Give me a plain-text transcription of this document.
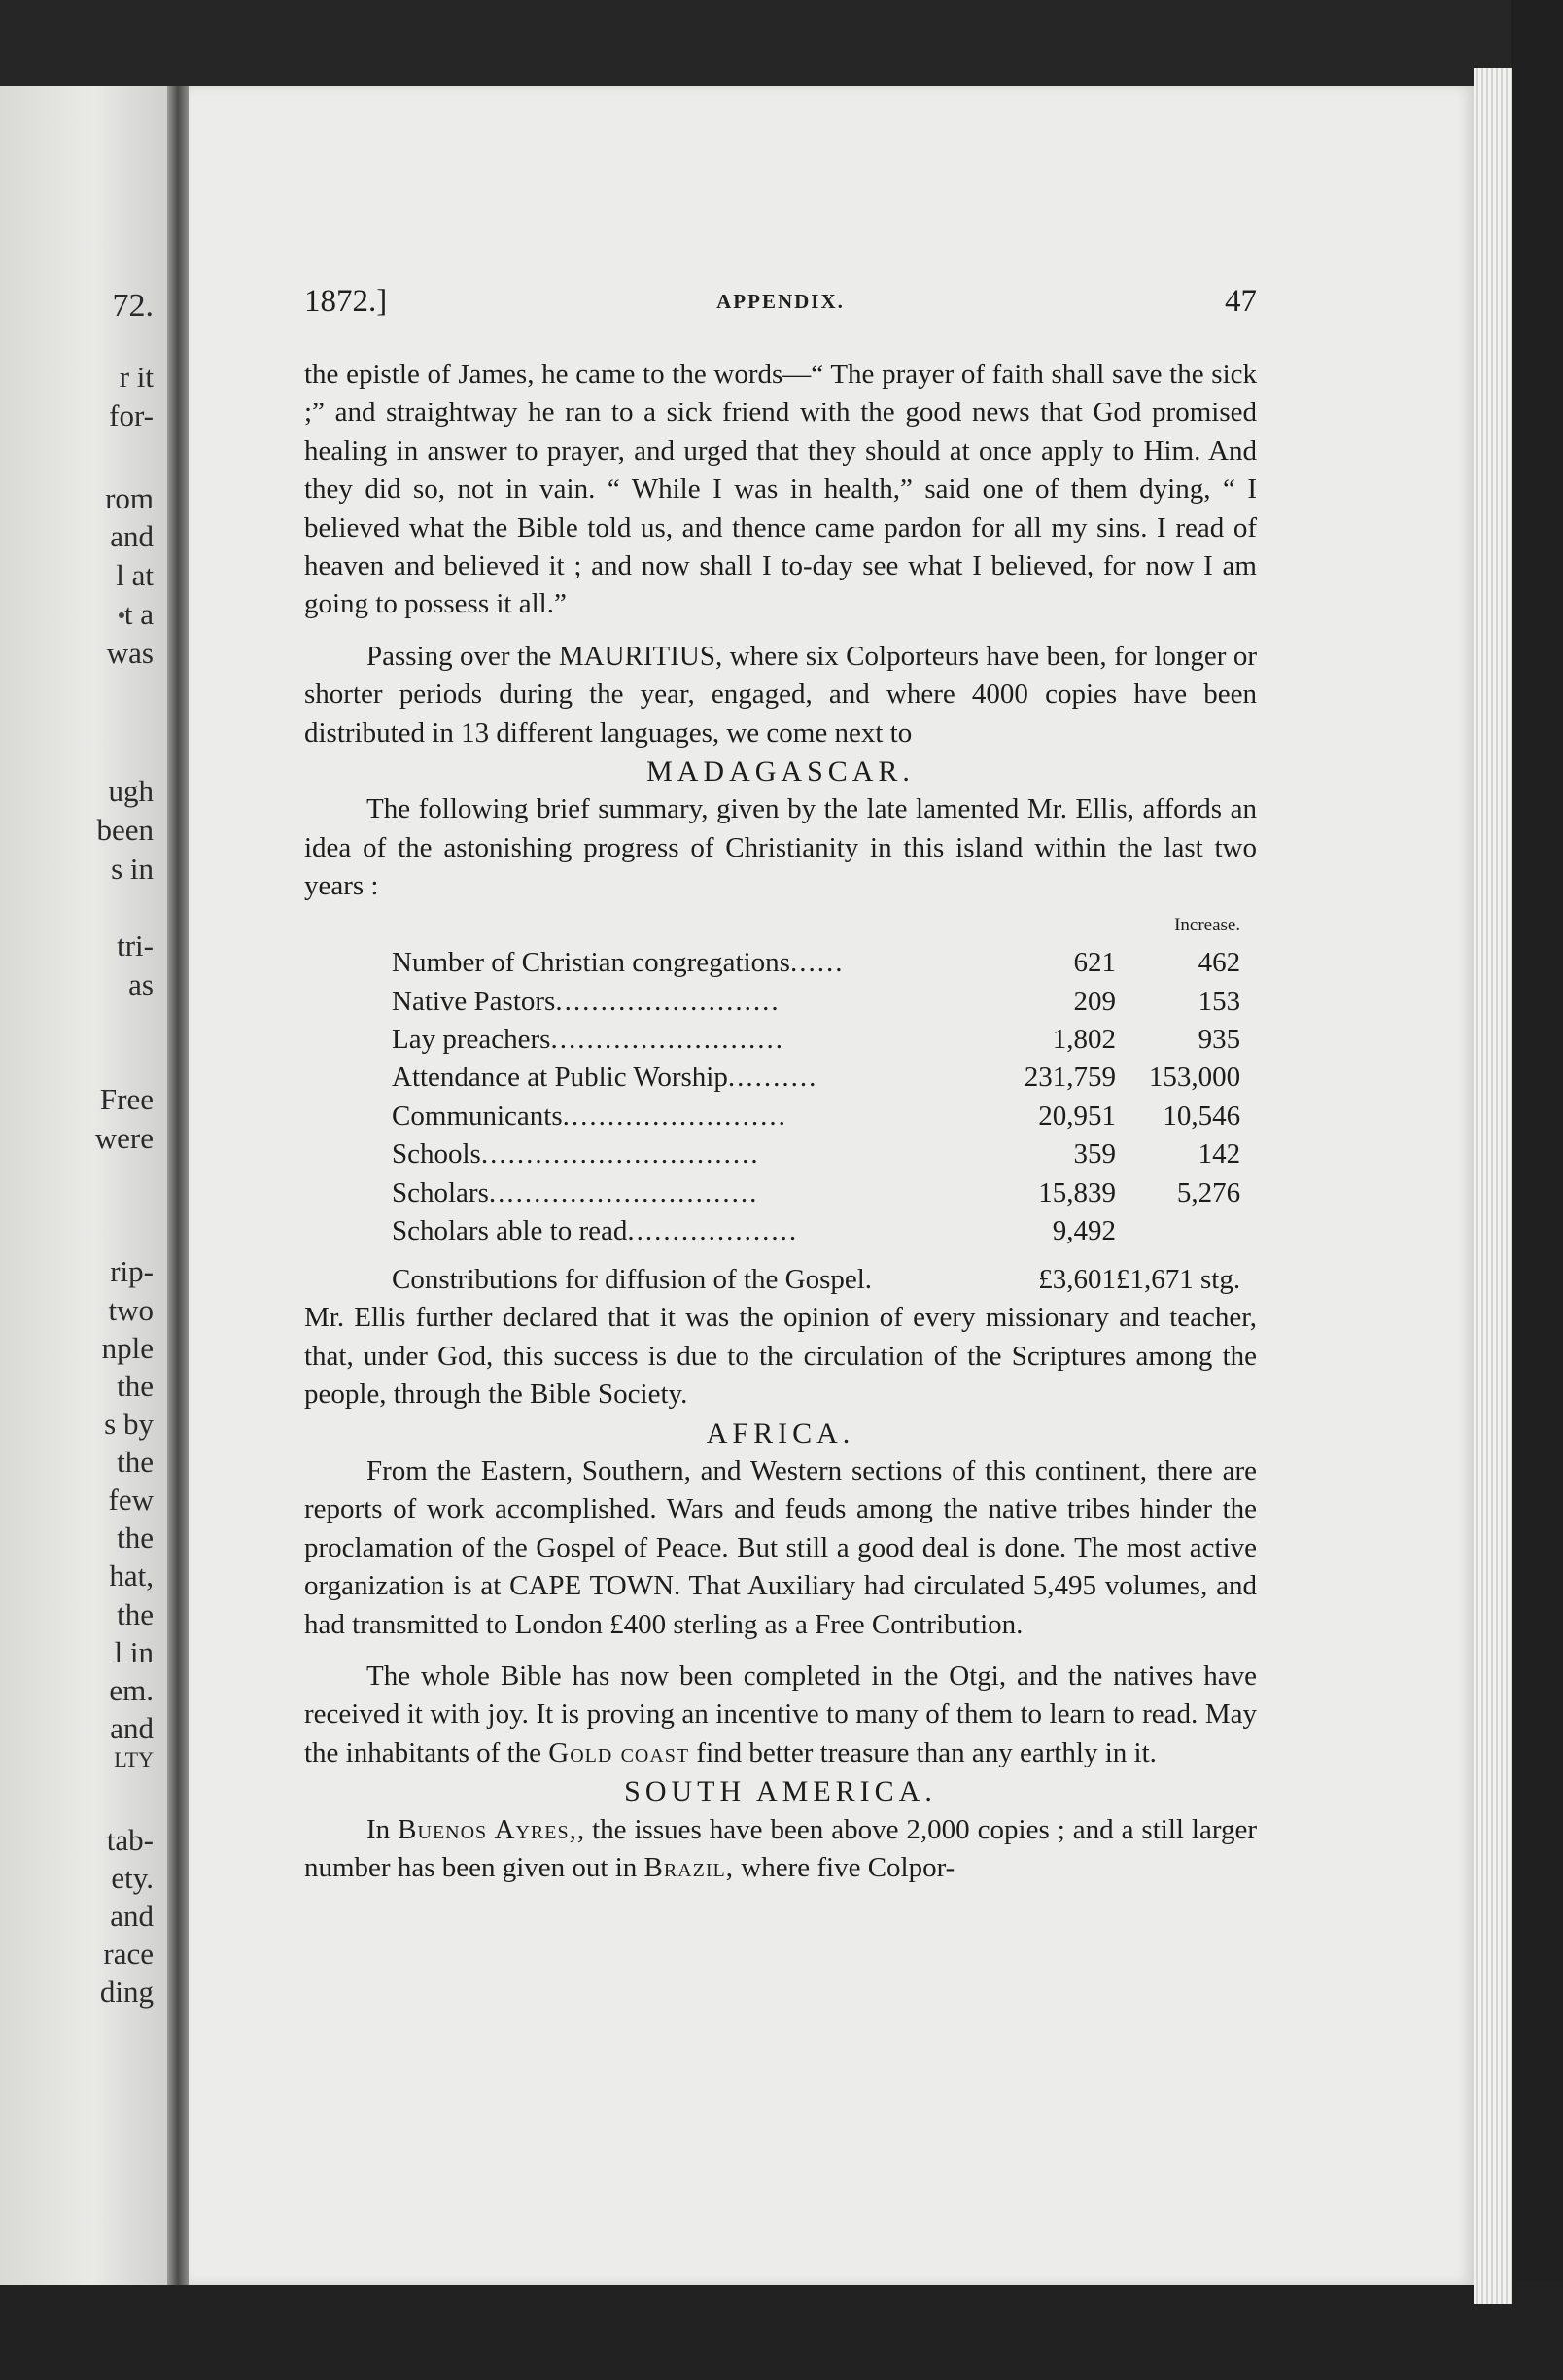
72.
r it
for-
rom
and
l at
t a
was
ugh
been
s in
tri-
as
Free
were
rip-
two
nple
the
s by
the
few
the
hat,
the
l in
em.
and
LTY
tab-
ety.
and
race
ding
1872.]	APPENDIX.	47

the epistle of James, he came to the words—“ The prayer of faith shall save the sick ;” and straightway he ran to a sick friend with the good news that God promised healing in answer to prayer, and urged that they should at once apply to Him. And they did so, not in vain. “ While I was in health,” said one of them dying, “ I believed what the Bible told us, and thence came pardon for all my sins. I read of heaven and believed it ; and now shall I to-day see what I believed, for now I am going to possess it all.”

Passing over the MAURITIUS, where six Colporteurs have been, for longer or shorter periods during the year, engaged, and where 4000 copies have been distributed in 13 different languages, we come next to

MADAGASCAR.

The following brief summary, given by the late lamented Mr. Ellis, affords an idea of the astonishing progress of Christianity in this island within the last two years :

		Increase.
Number of Christian congregations......	621	462
Native Pastors.........................	209	153
Lay preachers..........................	1,802	935
Attendance at Public Worship..........	231,759	153,000
Communicants.........................	20,951	10,546
Schools...............................	359	142
Scholars..............................	15,839	5,276
Scholars able to read...................	9,492	
Constributions for diffusion of the Gospel.	£3,601	£1,671 stg.

Mr. Ellis further declared that it was the opinion of every missionary and teacher, that, under God, this success is due to the circulation of the Scriptures among the people, through the Bible Society.

AFRICA.

From the Eastern, Southern, and Western sections of this continent, there are reports of work accomplished. Wars and feuds among the native tribes hinder the proclamation of the Gospel of Peace. But still a good deal is done. The most active organization is at CAPE TOWN. That Auxiliary had circulated 5,495 volumes, and had transmitted to London £400 sterling as a Free Contribution.

The whole Bible has now been completed in the Otgi, and the natives have received it with joy. It is proving an incentive to many of them to learn to read. May the inhabitants of the Gold coast find better treasure than any earthly in it.

SOUTH AMERICA.

In Buenos Ayres,, the issues have been above 2,000 copies ; and a still larger number has been given out in Brazil, where five Colpor-
